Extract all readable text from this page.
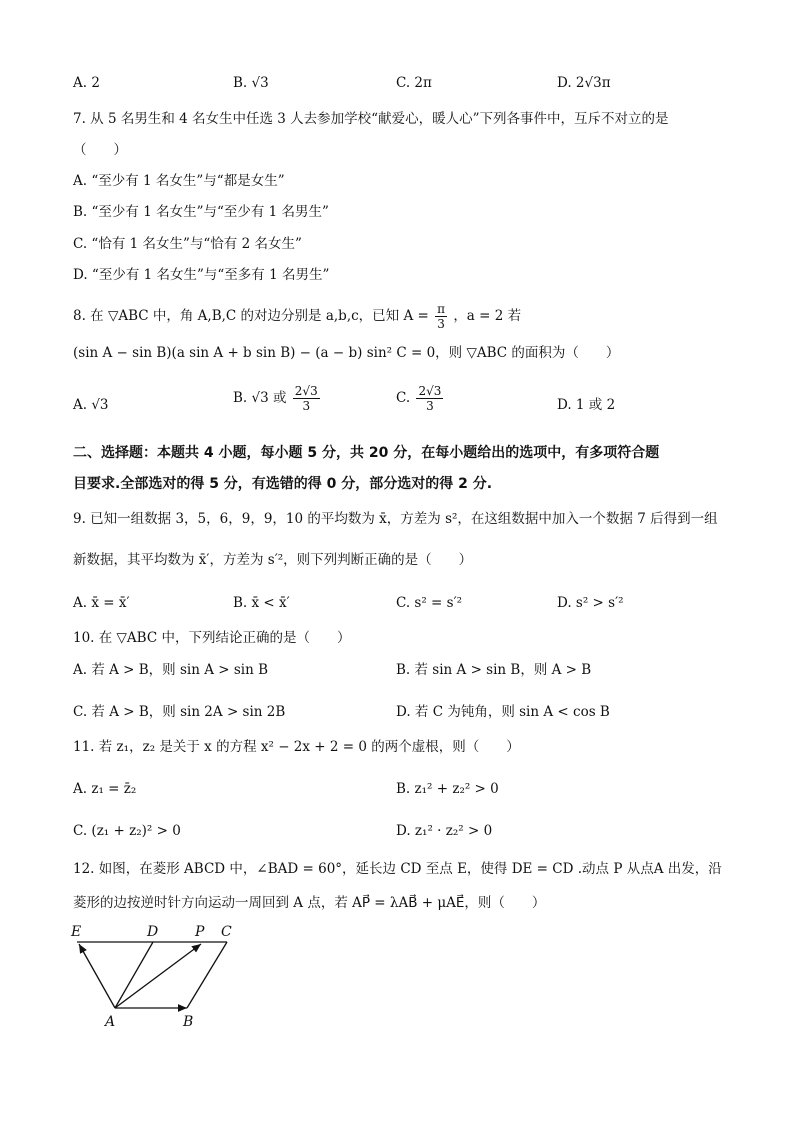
A. 2	B. √3	C. 2π	D. 2√3π
7. 从 5 名男生和 4 名女生中任选 3 人去参加学校“献爱心，暖人心”下列各事件中，互斥不对立的是
（　　）
A. “至少有 1 名女生”与“都是女生”
B. “至少有 1 名女生”与“至少有 1 名男生”
C. “恰有 1 名女生”与“恰有 2 名女生”
D. “至少有 1 名女生”与“至多有 1 名男生”
8. 在 ▽ABC 中，角 A,B,C 的对边分别是 a,b,c，已知 $A = \frac{\pi}{3}$ ，a = 2 若
(sin A − sin B)(a sin A + b sin B) − (a − b) sin² C = 0，则 ▽ABC 的面积为（　　）
A. √3	B. √3 或 $\frac{2√3}{3}$	C. $\frac{2√3}{3}$	D. 1 或 2
二、选择题：本题共 4 小题，每小题 5 分，共 20 分，在每小题给出的选项中，有多项符合题
目要求.全部选对的得 5 分，有选错的得 0 分，部分选对的得 2 分.
9. 已知一组数据 3，5，6，9，9，10 的平均数为 x̄，方差为 s²，在这组数据中加入一个数据 7 后得到一组
新数据，其平均数为 x̄′，方差为 s′²，则下列判断正确的是（　　）
A. x̄ = x̄′	B. x̄ < x̄′	C. s² = s′²	D. s² > s′²
10. 在 ▽ABC 中，下列结论正确的是（　　）
A. 若 A > B，则 sin A > sin B	B. 若 sin A > sin B，则 A > B
C. 若 A > B，则 sin 2A > sin 2B	D. 若 C 为钝角，则 sin A < cos B
11. 若 z₁，z₂ 是关于 x 的方程 x² − 2x + 2 = 0 的两个虚根，则（　　）
A. z₁ = z̄₂	B. z₁² + z₂² > 0
C. (z₁ + z₂)² > 0	D. z₁² · z₂² > 0
12. 如图，在菱形 ABCD 中，∠BAD = 60°，延长边 CD 至点 E，使得 DE = CD .动点 P 从点A 出发，沿
菱形的边按逆时针方向运动一周回到 A 点，若 AP⃗ = λAB⃗ + μAE⃗，则（　　）
E	D	P C
A	B
